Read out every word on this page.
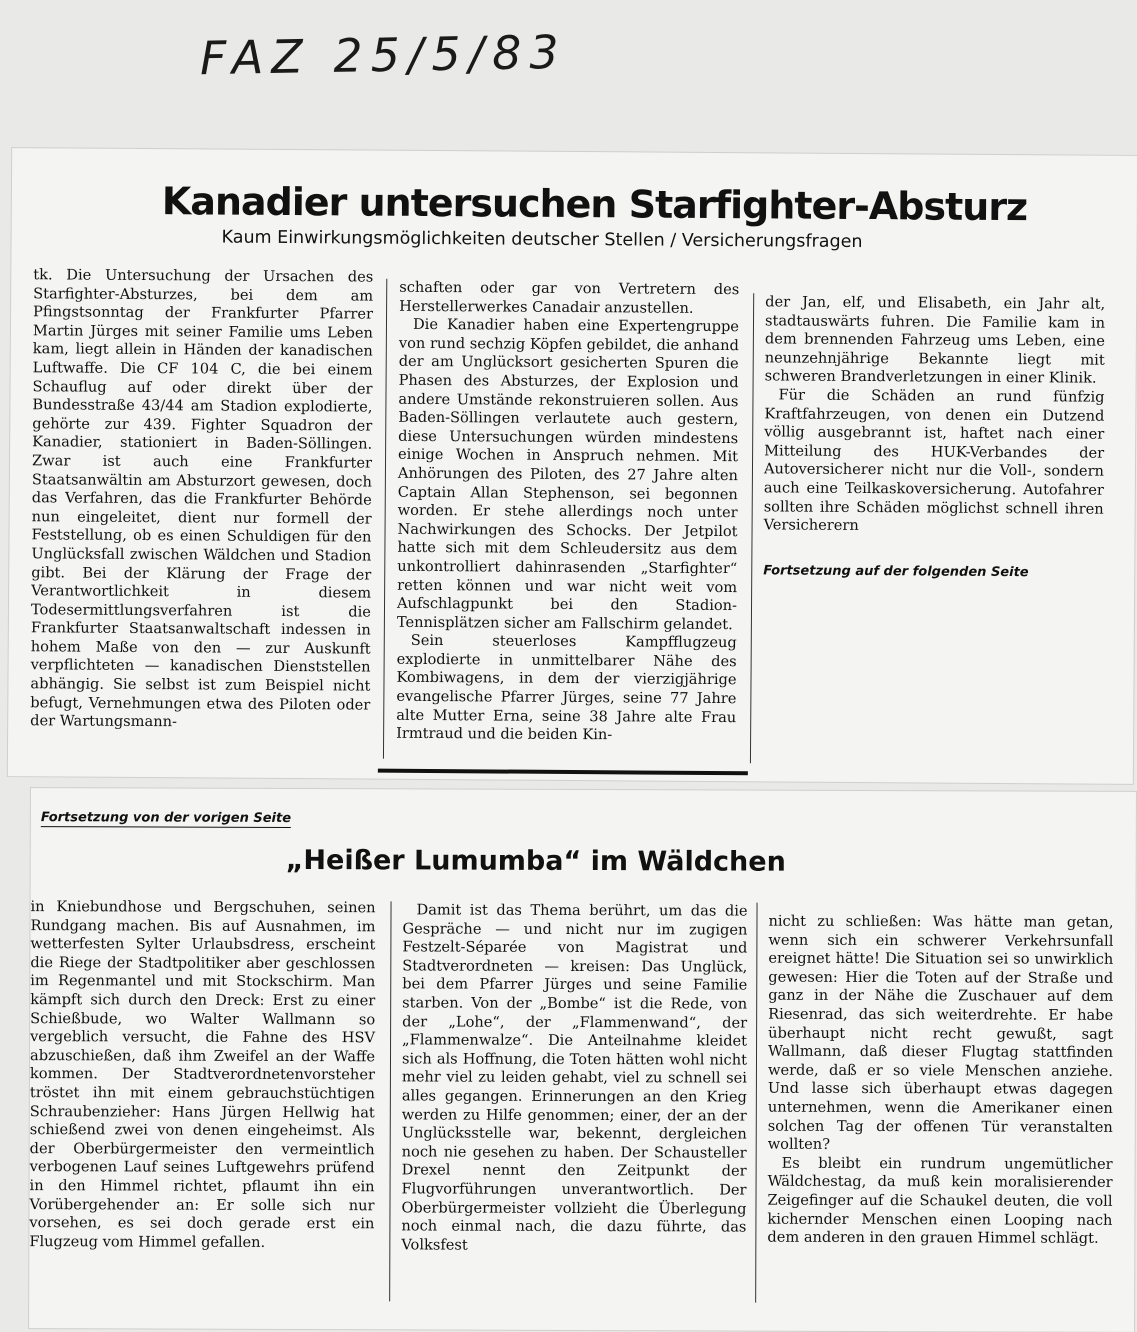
FAZ 25/5/83
Kanadier untersuchen Starfighter-Absturz
Kaum Einwirkungsmöglichkeiten deutscher Stellen / Versicherungsfragen

tk. Die Untersuchung der Ursachen des Starfighter-Absturzes, bei dem am Pfingstsonntag der Frankfurter Pfarrer Martin Jürges mit seiner Familie ums Leben kam, liegt allein in Händen der kanadischen Luftwaffe. Die CF 104 C, die bei einem Schauflug auf oder direkt über der Bundesstraße 43/44 am Stadion explodierte, gehörte zur 439. Fighter Squadron der Kanadier, stationiert in Baden-Söllingen. Zwar ist auch eine Frankfurter Staatsanwältin am Absturzort gewesen, doch das Verfahren, das die Frankfurter Behörde nun eingeleitet, dient nur formell der Feststellung, ob es einen Schuldigen für den Unglücksfall zwischen Wäldchen und Stadion gibt. Bei der Klärung der Frage der Verantwortlichkeit in diesem Todesermittlungsverfahren ist die Frankfurter Staatsanwaltschaft indessen in hohem Maße von den — zur Auskunft verpflichteten — kanadischen Dienststellen abhängig. Sie selbst ist zum Beispiel nicht befugt, Vernehmungen etwa des Piloten oder der Wartungsmann-

schaften oder gar von Vertretern des Herstellerwerkes Canadair anzustellen.

Die Kanadier haben eine Expertengruppe von rund sechzig Köpfen gebildet, die anhand der am Unglücksort gesicherten Spuren die Phasen des Absturzes, der Explosion und andere Umstände rekonstruieren sollen. Aus Baden-Söllingen verlautete auch gestern, diese Untersuchungen würden mindestens einige Wochen in Anspruch nehmen. Mit Anhörungen des Piloten, des 27 Jahre alten Captain Allan Stephenson, sei begonnen worden. Er stehe allerdings noch unter Nachwirkungen des Schocks. Der Jetpilot hatte sich mit dem Schleudersitz aus dem unkontrolliert dahinrasenden „Starfighter“ retten können und war nicht weit vom Aufschlagpunkt bei den Stadion-Tennisplätzen sicher am Fallschirm gelandet.

Sein steuerloses Kampfflugzeug explodierte in unmittelbarer Nähe des Kombiwagens, in dem der vierzigjährige evangelische Pfarrer Jürges, seine 77 Jahre alte Mutter Erna, seine 38 Jahre alte Frau Irmtraud und die beiden Kin-

der Jan, elf, und Elisabeth, ein Jahr alt, stadtauswärts fuhren. Die Familie kam in dem brennenden Fahrzeug ums Leben, eine neunzehnjährige Bekannte liegt mit schweren Brandverletzungen in einer Klinik.

Für die Schäden an rund fünfzig Kraftfahrzeugen, von denen ein Dutzend völlig ausgebrannt ist, haftet nach einer Mitteilung des HUK-Verbandes der Autoversicherer nicht nur die Voll-, sondern auch eine Teilkaskoversicherung. Autofahrer sollten ihre Schäden möglichst schnell ihren Versicherern

Fortsetzung auf der folgenden Seite
Fortsetzung von der vorigen Seite
„Heißer Lumumba“ im Wäldchen

in Kniebundhose und Bergschuhen, seinen Rundgang machen. Bis auf Ausnahmen, im wetterfesten Sylter Urlaubsdress, erscheint die Riege der Stadtpolitiker aber geschlossen im Regenmantel und mit Stockschirm. Man kämpft sich durch den Dreck: Erst zu einer Schießbude, wo Walter Wallmann so vergeblich versucht, die Fahne des HSV abzuschießen, daß ihm Zweifel an der Waffe kommen. Der Stadtverordnetenvorsteher tröstet ihn mit einem gebrauchstüchtigen Schraubenzieher: Hans Jürgen Hellwig hat schießend zwei von denen eingeheimst. Als der Oberbürgermeister den vermeintlich verbogenen Lauf seines Luftgewehrs prüfend in den Himmel richtet, pflaumt ihn ein Vorübergehender an: Er solle sich nur vorsehen, es sei doch gerade erst ein Flugzeug vom Himmel gefallen.

Damit ist das Thema berührt, um das die Gespräche — und nicht nur im zugigen Festzelt-Séparée von Magistrat und Stadtverordneten — kreisen: Das Unglück, bei dem Pfarrer Jürges und seine Familie starben. Von der „Bombe“ ist die Rede, von der „Lohe“, der „Flammenwand“, der „Flammenwalze“. Die Anteilnahme kleidet sich als Hoffnung, die Toten hätten wohl nicht mehr viel zu leiden gehabt, viel zu schnell sei alles gegangen. Erinnerungen an den Krieg werden zu Hilfe genommen; einer, der an der Unglücksstelle war, bekennt, dergleichen noch nie gesehen zu haben. Der Schausteller Drexel nennt den Zeitpunkt der Flugvorführungen unverantwortlich. Der Oberbürgermeister vollzieht die Überlegung noch einmal nach, die dazu führte, das Volksfest

nicht zu schließen: Was hätte man getan, wenn sich ein schwerer Verkehrsunfall ereignet hätte! Die Situation sei so unwirklich gewesen: Hier die Toten auf der Straße und ganz in der Nähe die Zuschauer auf dem Riesenrad, das sich weiterdrehte. Er habe überhaupt nicht recht gewußt, sagt Wallmann, daß dieser Flugtag stattfinden werde, daß er so viele Menschen anziehe. Und lasse sich überhaupt etwas dagegen unternehmen, wenn die Amerikaner einen solchen Tag der offenen Tür veranstalten wollten?

Es bleibt ein rundrum ungemütlicher Wäldchestag, da muß kein moralisierender Zeigefinger auf die Schaukel deuten, die voll kichernder Menschen einen Looping nach dem anderen in den grauen Himmel schlägt.
